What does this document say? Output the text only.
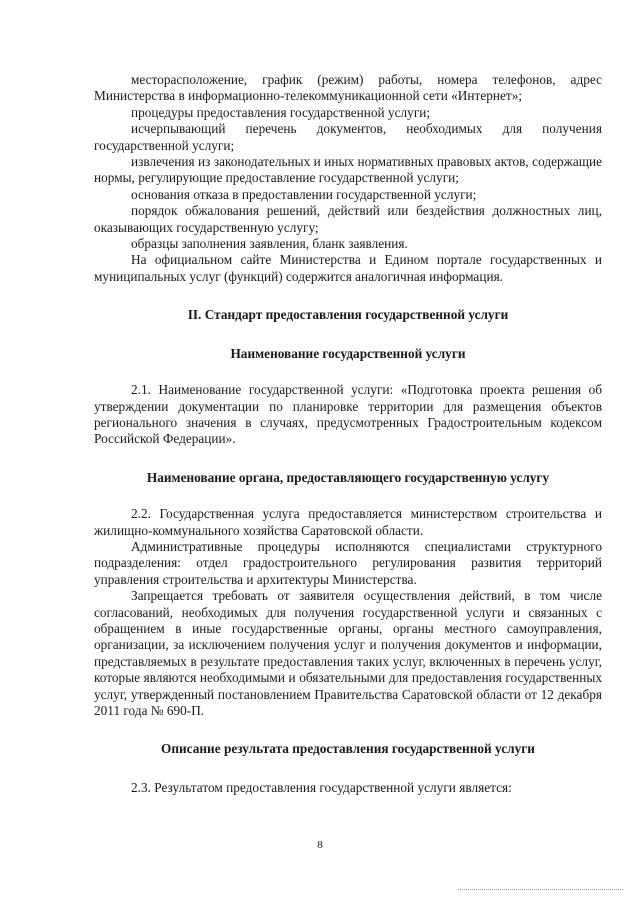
месторасположение, график (режим) работы, номера телефонов, адрес Министерства в информационно-телекоммуникационной сети «Интернет»;

процедуры предоставления государственной услуги;

исчерпывающий перечень документов, необходимых для получения государственной услуги;

извлечения из законодательных и иных нормативных правовых актов, содержащие нормы, регулирующие предоставление государственной услуги;

основания отказа в предоставлении государственной услуги;

порядок обжалования решений, действий или бездействия должностных лиц, оказывающих государственную услугу;

образцы заполнения заявления, бланк заявления.

На официальном сайте Министерства и Едином портале государственных и муниципальных услуг (функций) содержится аналогичная информация.

II. Стандарт предоставления государственной услуги
Наименование государственной услуги

2.1. Наименование государственной услуги: «Подготовка проекта решения об утверждении документации по планировке территории для размещения объектов регионального значения в случаях, предусмотренных Градостроительным кодексом Российской Федерации».

Наименование органа, предоставляющего государственную услугу

2.2. Государственная услуга предоставляется министерством строительства и жилищно-коммунального хозяйства Саратовской области.

Административные процедуры исполняются специалистами структурного подразделения: отдел градостроительного регулирования развития территорий управления строительства и архитектуры Министерства.

Запрещается требовать от заявителя осуществления действий, в том числе согласований, необходимых для получения государственной услуги и связанных с обращением в иные государственные органы, органы местного самоуправления, организации, за исключением получения услуг и получения документов и информации, представляемых в результате предоставления таких услуг, включенных в перечень услуг, которые являются необходимыми и обязательными для предоставления государственных услуг, утвержденный постановлением Правительства Саратовской области от 12 декабря 2011 года № 690-П.

Описание результата предоставления государственной услуги

2.3. Результатом предоставления государственной услуги является:

8
